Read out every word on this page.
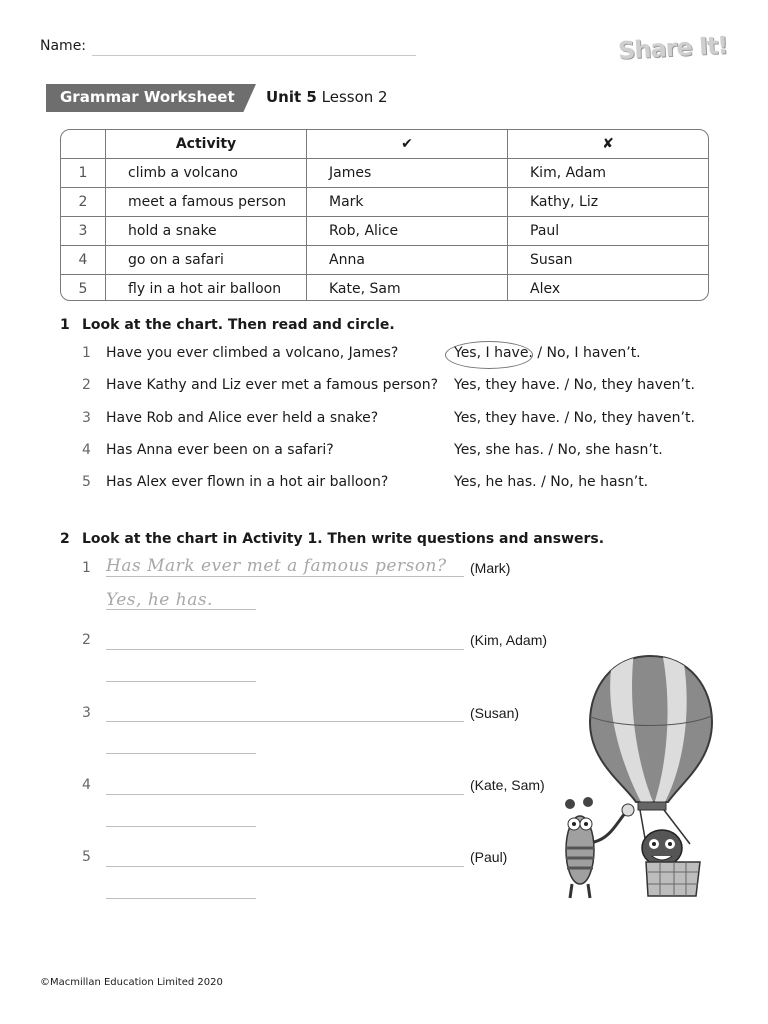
Name:	Share It!
Grammar Worksheet Unit 5 Lesson 2
	Activity	✔	✘
1	climb a volcano	James	Kim, Adam
2	meet a famous person	Mark	Kathy, Liz
3	hold a snake	Rob, Alice	Paul
4	go on a safari	Anna	Susan
5	fly in a hot air balloon	Kate, Sam	Alex
1 Look at the chart. Then read and circle.
1 Have you ever climbed a volcano, James?	Yes, I have. / No, I haven’t.
2 Have Kathy and Liz ever met a famous person? Yes, they have. / No, they haven’t.
3 Have Rob and Alice ever held a snake?	Yes, they have. / No, they haven’t.
4 Has Anna ever been on a safari?	Yes, she has. / No, she hasn’t.
5 Has Alex ever flown in a hot air balloon?	Yes, he has. / No, he hasn’t.
2 Look at the chart in Activity 1. Then write questions and answers.
1 Has Mark ever met a famous person? (Mark)
Yes, he has.
2	(Kim, Adam)
3	(Susan)
4	(Kate, Sam)
5	(Paul)
©Macmillan Education Limited 2020
